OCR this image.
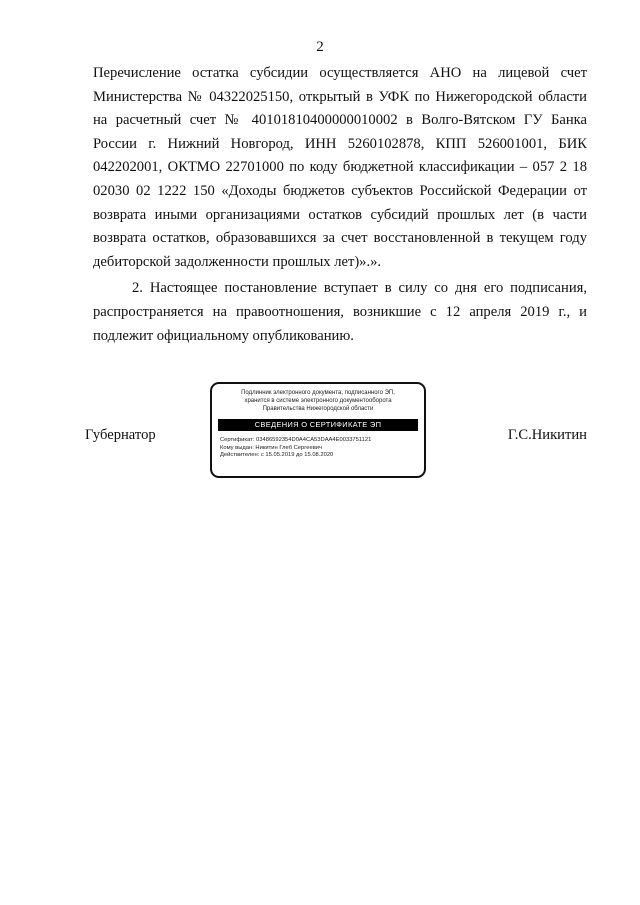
2

Перечисление остатка субсидии осуществляется АНО на лицевой счет Министерства № 04322025150, открытый в УФК по Нижегородской области на расчетный счет № 40101810400000010002 в Волго-Вятском ГУ Банка России г. Нижний Новгород, ИНН 5260102878, КПП 526001001, БИК 042202001, ОКТМО 22701000 по коду бюджетной классификации – 057 2 18 02030 02 1222 150 «Доходы бюджетов субъектов Российской Федерации от возврата иными организациями остатков субсидий прошлых лет (в части возврата остатков, образовавшихся за счет восстановленной в текущем году дебиторской задолженности прошлых лет)».».

2. Настоящее постановление вступает в силу со дня его подписания, распространяется на правоотношения, возникшие с 12 апреля 2019 г., и подлежит официальному опубликованию.

Губернатор
Подлинник электронного документа, подписанного ЭП,
хранится в системе электронного документооборота
Правительства Нижегородской области
СВЕДЕНИЯ О СЕРТИФИКАТЕ ЭП
Сертификат: 03486592354D0A4CA53DAA4E0033751121
Кому выдан: Никитин Глеб Сергеевич
Действителен: с 15.05.2019 до 15.08.2020
Г.С.Никитин
